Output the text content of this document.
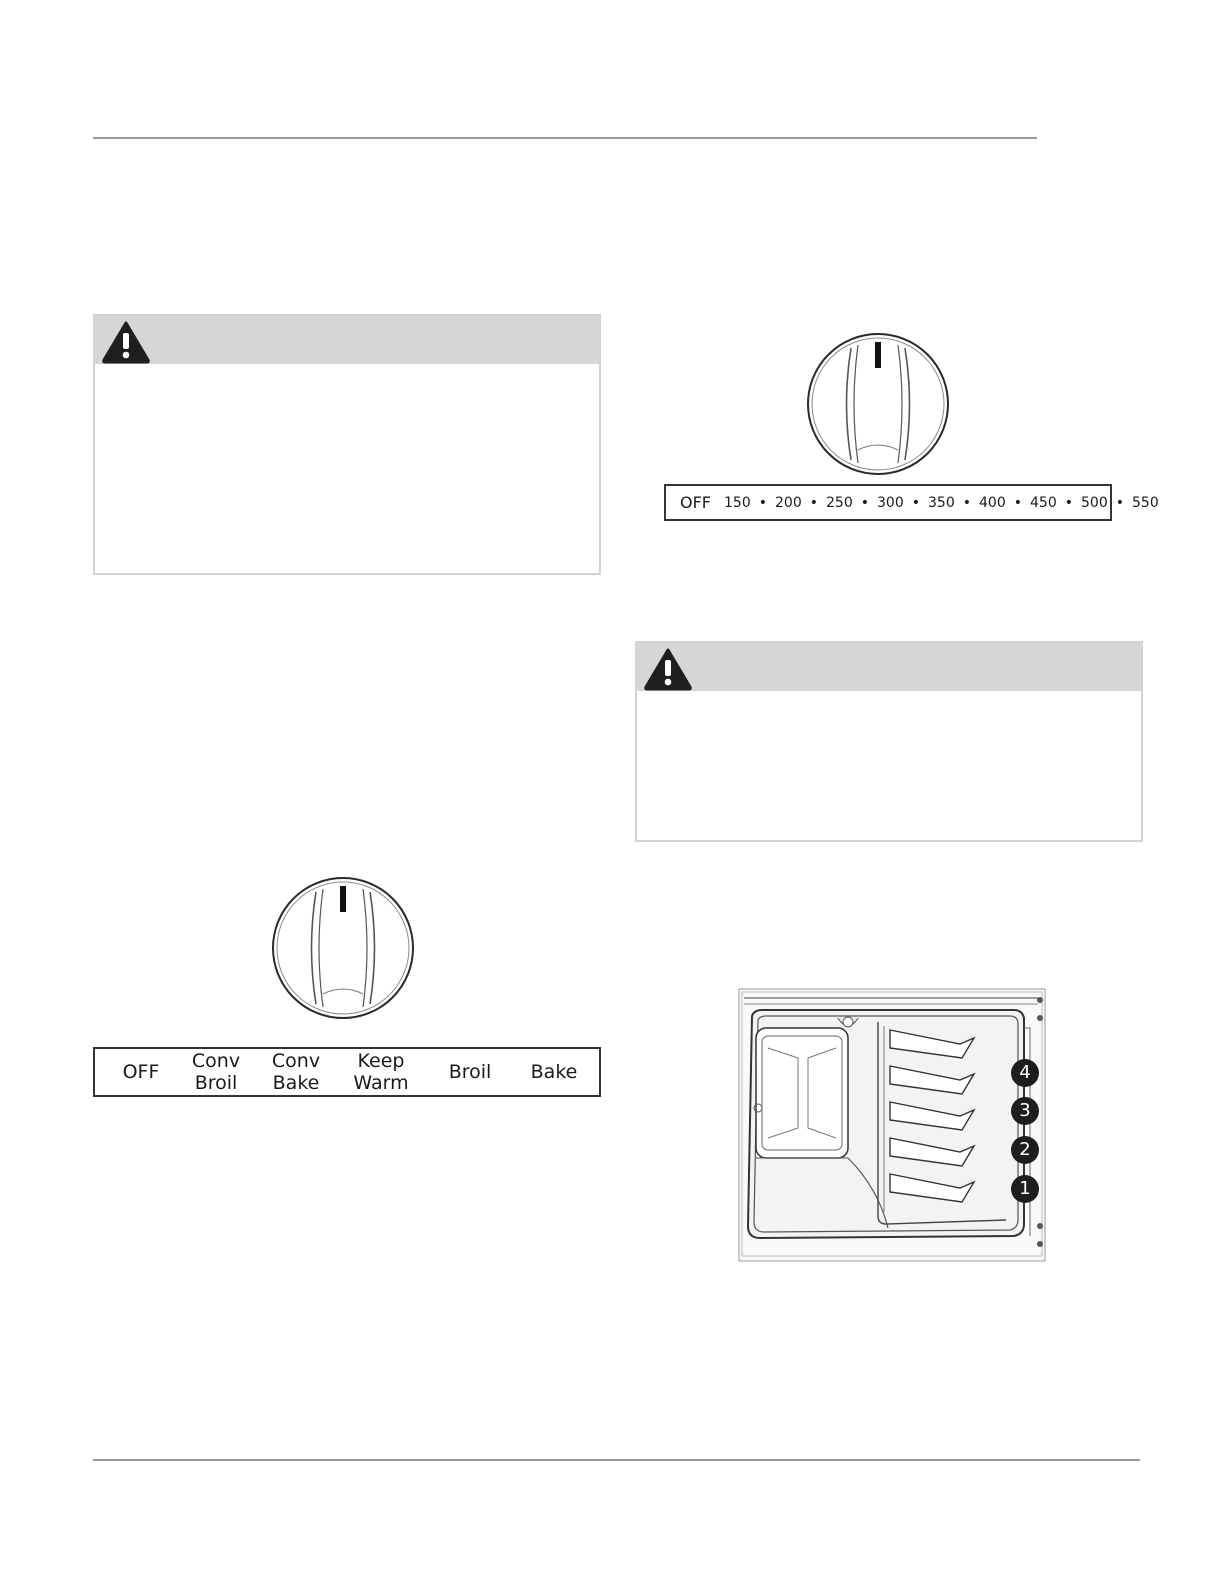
OFF 150 • 200 • 250 • 300 • 350 • 400 • 450 • 500 • 550
OFF	Conv
Broil
Conv
Bake
Keep
Warm	Broil	Bake	4
3
2
1
